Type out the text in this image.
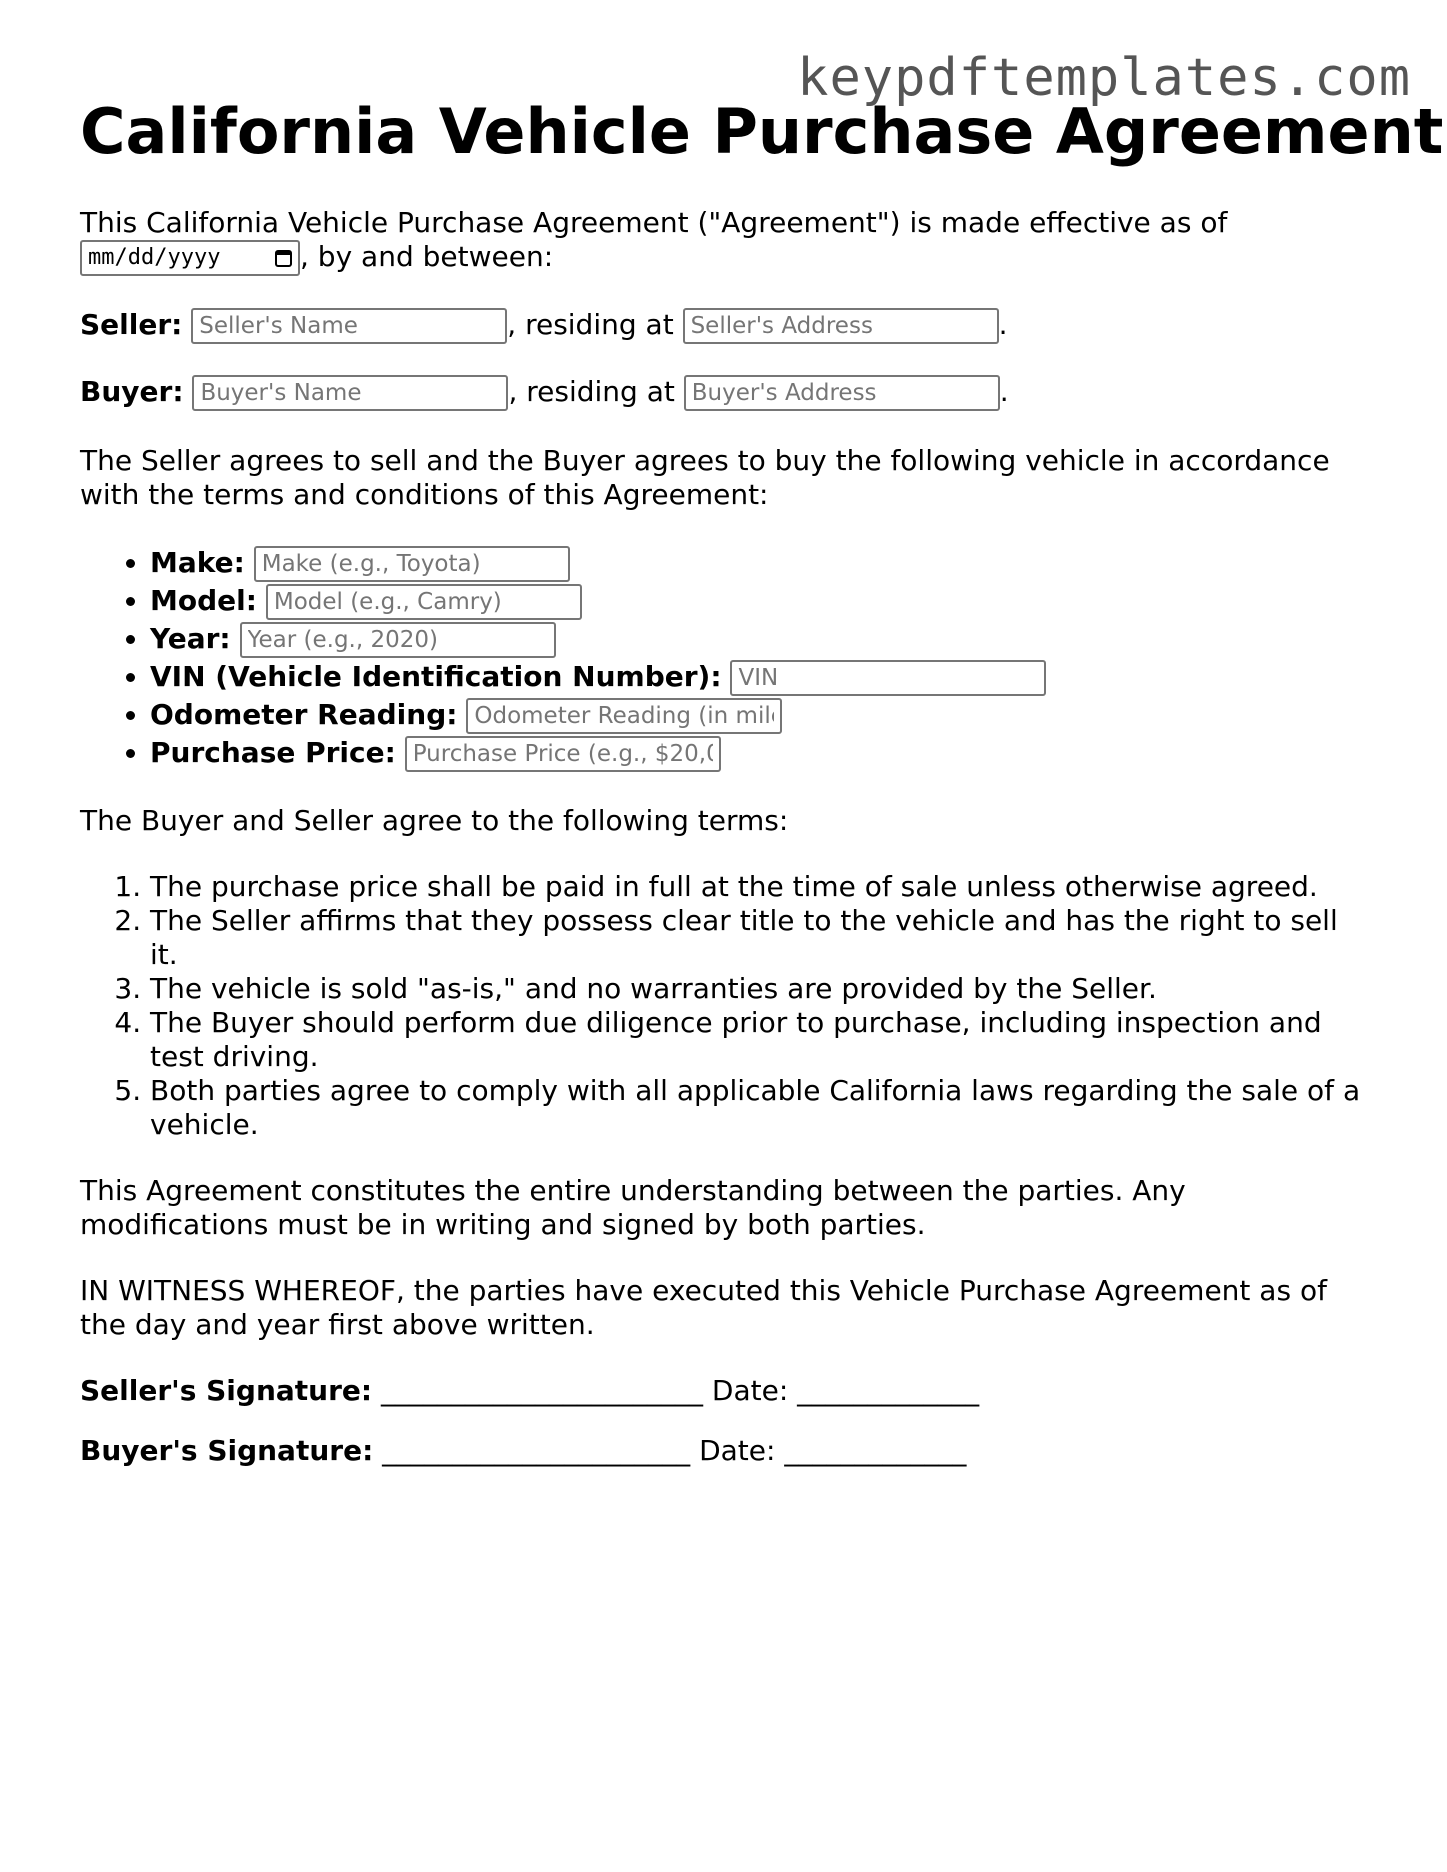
keypdftemplates.com
California Vehicle Purchase Agreement

This California Vehicle Purchase Agreement ("Agreement") is made effective as of

mm/dd/yyyy	, by and between:

Seller: Seller's Name	, residing at Seller's Address	.

Buyer: Buyer's Name	, residing at Buyer's Address	.

The Seller agrees to sell and the Buyer agrees to buy the following vehicle in accordance with the terms and conditions of this Agreement:

• Make: Make (e.g., Toyota)
• Model: Model (e.g., Camry)
• Year: Year (e.g., 2020)
• VIN (Vehicle Identification Number): VIN
• Odometer Reading: Odometer Reading (in miles)
• Purchase Price: Purchase Price (e.g., $20,000)

The Buyer and Seller agree to the following terms:

1. The purchase price shall be paid in full at the time of sale unless otherwise agreed.
2. The Seller affirms that they possess clear title to the vehicle and has the right to sell it.
3. The vehicle is sold "as-is," and no warranties are provided by the Seller.
4. The Buyer should perform due diligence prior to purchase, including inspection and test driving.
5. Both parties agree to comply with all applicable California laws regarding the sale of a vehicle.

This Agreement constitutes the entire understanding between the parties. Any modifications must be in writing and signed by both parties.

IN WITNESS WHEREOF, the parties have executed this Vehicle Purchase Agreement as of the day and year first above written.

Seller's Signature: _______________________ Date: _____________

Buyer's Signature: ______________________ Date: _____________
